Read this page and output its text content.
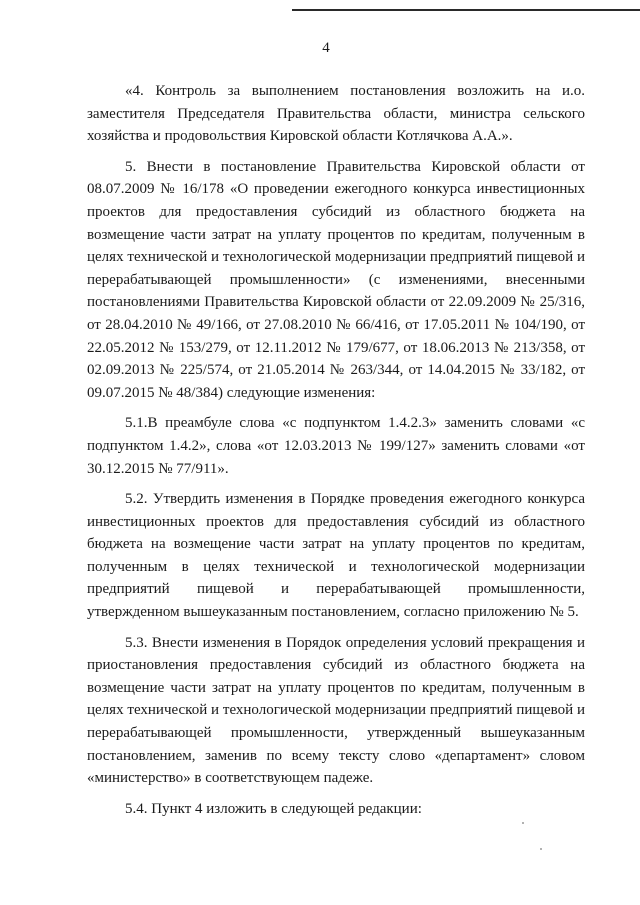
4

«4. Контроль за выполнением постановления возложить на и.о. заместителя Председателя Правительства области, министра сельского хозяйства и продовольствия Кировской области Котлячкова А.А.».

5. Внести в постановление Правительства Кировской области от 08.07.2009 № 16/178 «О проведении ежегодного конкурса инвестиционных проектов для предоставления субсидий из областного бюджета на возмещение части затрат на уплату процентов по кредитам, полученным в целях технической и технологической модернизации предприятий пищевой и перерабатывающей промышленности» (с изменениями, внесенными постановлениями Правительства Кировской области от 22.09.2009 № 25/316, от 28.04.2010 № 49/166, от 27.08.2010 № 66/416, от 17.05.2011 № 104/190, от 22.05.2012 № 153/279, от 12.11.2012 № 179/677, от 18.06.2013 № 213/358, от 02.09.2013 № 225/574, от 21.05.2014 № 263/344, от 14.04.2015 № 33/182, от 09.07.2015 № 48/384) следующие изменения:

5.1.В преамбуле слова «с подпунктом 1.4.2.3» заменить словами «с подпунктом 1.4.2», слова «от 12.03.2013 № 199/127» заменить словами «от 30.12.2015 № 77/911».

5.2. Утвердить изменения в Порядке проведения ежегодного конкурса инвестиционных проектов для предоставления субсидий из областного бюджета на возмещение части затрат на уплату процентов по кредитам, полученным в целях технической и технологической модернизации предприятий пищевой и перерабатывающей промышленности, утвержденном вышеуказанным постановлением, согласно приложению № 5.

5.3. Внести изменения в Порядок определения условий прекращения и приостановления предоставления субсидий из областного бюджета на возмещение части затрат на уплату процентов по кредитам, полученным в целях технической и технологической модернизации предприятий пищевой и перерабатывающей промышленности, утвержденный вышеуказанным постановлением, заменив по всему тексту слово «департамент» словом «министерство» в соответствующем падеже.

5.4. Пункт 4 изложить в следующей редакции:
